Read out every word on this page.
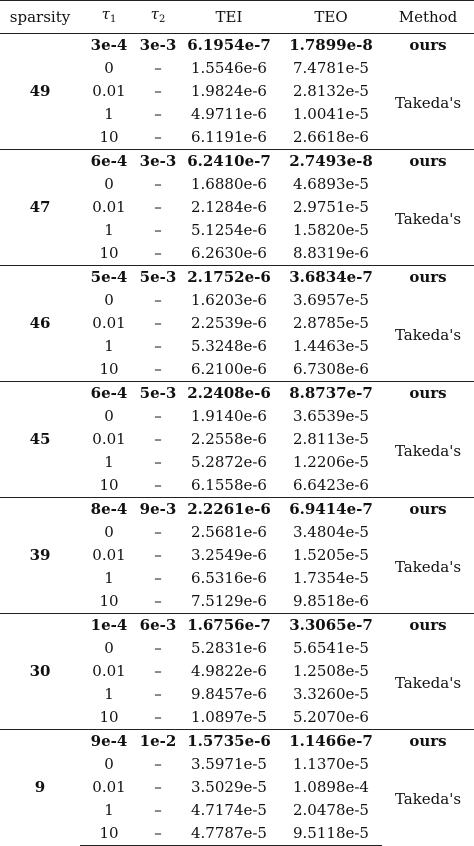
sparsity	$\tau_1$	$\tau_2$	TEI	TEO	Method
49	3e-4	3e-3	6.1954e-7	1.7899e-8	ours
	0	–	1.5546e-6	7.4781e-5	Takeda's
	0.01	–	1.9824e-6	2.8132e-5	
	1	–	4.9711e-6	1.0041e-5	
	10	–	6.1191e-6	2.6618e-6	
47	6e-4	3e-3	6.2410e-7	2.7493e-8	ours
	0	–	1.6880e-6	4.6893e-5	Takeda's
	0.01	–	2.1284e-6	2.9751e-5	
	1	–	5.1254e-6	1.5820e-5	
	10	–	6.2630e-6	8.8319e-6	
46	5e-4	5e-3	2.1752e-6	3.6834e-7	ours
	0	–	1.6203e-6	3.6957e-5	Takeda's
	0.01	–	2.2539e-6	2.8785e-5	
	1	–	5.3248e-6	1.4463e-5	
	10	–	6.2100e-6	6.7308e-6	
45	6e-4	5e-3	2.2408e-6	8.8737e-7	ours
	0	–	1.9140e-6	3.6539e-5	Takeda's
	0.01	–	2.2558e-6	2.8113e-5	
	1	–	5.2872e-6	1.2206e-5	
	10	–	6.1558e-6	6.6423e-6	
39	8e-4	9e-3	2.2261e-6	6.9414e-7	ours
	0	–	2.5681e-6	3.4804e-5	Takeda's
	0.01	–	3.2549e-6	1.5205e-5	
	1	–	6.5316e-6	1.7354e-5	
	10	–	7.5129e-6	9.8518e-6	
30	1e-4	6e-3	1.6756e-7	3.3065e-7	ours
	0	–	5.2831e-6	5.6541e-5	Takeda's
	0.01	–	4.9822e-6	1.2508e-5	
	1	–	9.8457e-6	3.3260e-5	
	10	–	1.0897e-5	5.2070e-6	
9	9e-4	1e-2	1.5735e-6	1.1466e-7	ours
	0	–	3.5971e-5	1.1370e-5	Takeda's
	0.01	–	3.5029e-5	1.0898e-4	
	1	–	4.7174e-5	2.0478e-5	
	10	–	4.7787e-5	9.5118e-5	
